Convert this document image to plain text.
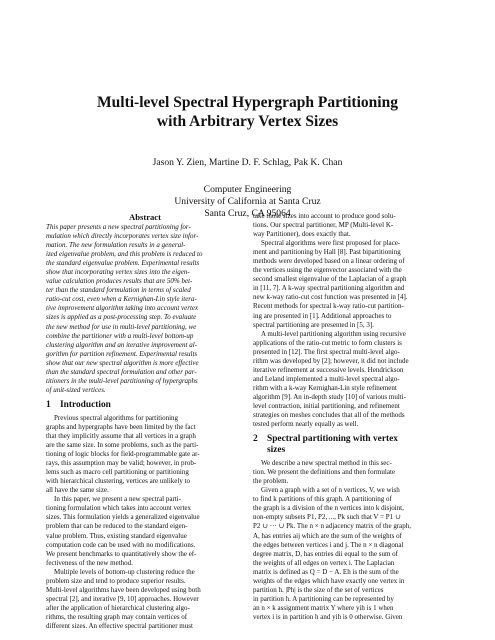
Multi-level Spectral Hypergraph Partitioning
with Arbitrary Vertex Sizes
Jason Y. Zien, Martine D. F. Schlag, Pak K. Chan
Computer Engineering
University of California at Santa Cruz
Santa Cruz, CA 95064
Abstract
This paper presents a new spectral partitioning for-
mulation which directly incorporates vertex size infor-
mation. The new formulation results in a general-
ized eigenvalue problem, and this problem is reduced to
the standard eigenvalue problem. Experimental results
show that incorporating vertex sizes into the eigen-
value calculation produces results that are 50% bet-
ter than the standard formulation in terms of scaled
ratio-cut cost, even when a Kernighan-Lin style itera-
tive improvement algorithm taking into account vertex
sizes is applied as a post-processing step. To evaluate
the new method for use in multi-level partitioning, we
combine the partitioner with a multi-level bottom-up
clustering algorithm and an iterative improvement al-
gorithm for partition refinement. Experimental results
show that our new spectral algorithm is more effective
than the standard spectral formulation and other par-
titioners in the multi-level partitioning of hypergraphs
of unit-sized vertices.
1 Introduction
Previous spectral algorithms for partitioning
graphs and hypergraphs have been limited by the fact
that they implicitly assume that all vertices in a graph
are the same size. In some problems, such as the parti-
tioning of logic blocks for field-programmable gate ar-
rays, this assumption may be valid; however, in prob-
lems such as macro cell partitioning or partitioning
with hierarchical clustering, vertices are unlikely to
all have the same size.
In this paper, we present a new spectral parti-
tioning formulation which takes into account vertex
sizes. This formulation yields a generalized eigenvalue
problem that can be reduced to the standard eigen-
value problem. Thus, existing standard eigenvalue
computation code can be used with no modifications.
We present benchmarks to quantitatively show the ef-
fectiveness of the new method.
Multiple levels of bottom-up clustering reduce the
problem size and tend to produce superior results.
Multi-level algorithms have been developed using both
spectral [2], and iterative [9, 10] approaches. However
after the application of hierarchical clustering algo-
rithms, the resulting graph may contain vertices of
different sizes. An effective spectral partitioner must
take those sizes into account to produce good solu-
tions. Our spectral partitioner, MP (Multi-level K-
way Partitioner), does exactly that.
Spectral algorithms were first proposed for place-
ment and partitioning by Hall [8]. Past bipartitioning
methods were developed based on a linear ordering of
the vertices using the eigenvector associated with the
second smallest eigenvalue of the Laplacian of a graph
in [11, 7]. A k-way spectral partitioning algorithm and
new k-way ratio-cut cost function was presented in [4].
Recent methods for spectral k-way ratio-cut partition-
ing are presented in [1]. Additional approaches to
spectral partitioning are presented in [5, 3].
A multi-level partitioning algorithm using recursive
applications of the ratio-cut metric to form clusters is
presented in [12]. The first spectral multi-level algo-
rithm was developed by [2]; however, it did not include
iterative refinement at successive levels. Hendrickson
and Leland implemented a multi-level spectral algo-
rithm with a k-way Kernighan-Lin style refinement
algorithm [9]. An in-depth study [10] of various multi-
level contraction, initial partitioning, and refinement
strategies on meshes concludes that all of the methods
tested perform nearly equally as well.
2 Spectral partitioning with vertex
sizes
We describe a new spectral method in this sec-
tion. We present the definitions and then formulate
the problem.
Given a graph with a set of n vertices, V, we wish
to find k partitions of this graph. A partitioning of
the graph is a division of the n vertices into k disjoint,
non-empty subsets P1, P2, ..., Pk such that V = P1 ∪
P2 ∪ ··· ∪ Pk. The n × n adjacency matrix of the graph,
A, has entries aij which are the sum of the weights of
the edges between vertices i and j. The n × n diagonal
degree matrix, D, has entries dii equal to the sum of
the weights of all edges on vertex i. The Laplacian
matrix is defined as Q = D − A. Eh is the sum of the
weights of the edges which have exactly one vertex in
partition h. |Ph| is the size of the set of vertices
in partition h. A partitioning can be represented by
an n × k assignment matrix Y where yih is 1 when
vertex i is in partition h and yih is 0 otherwise. Given
